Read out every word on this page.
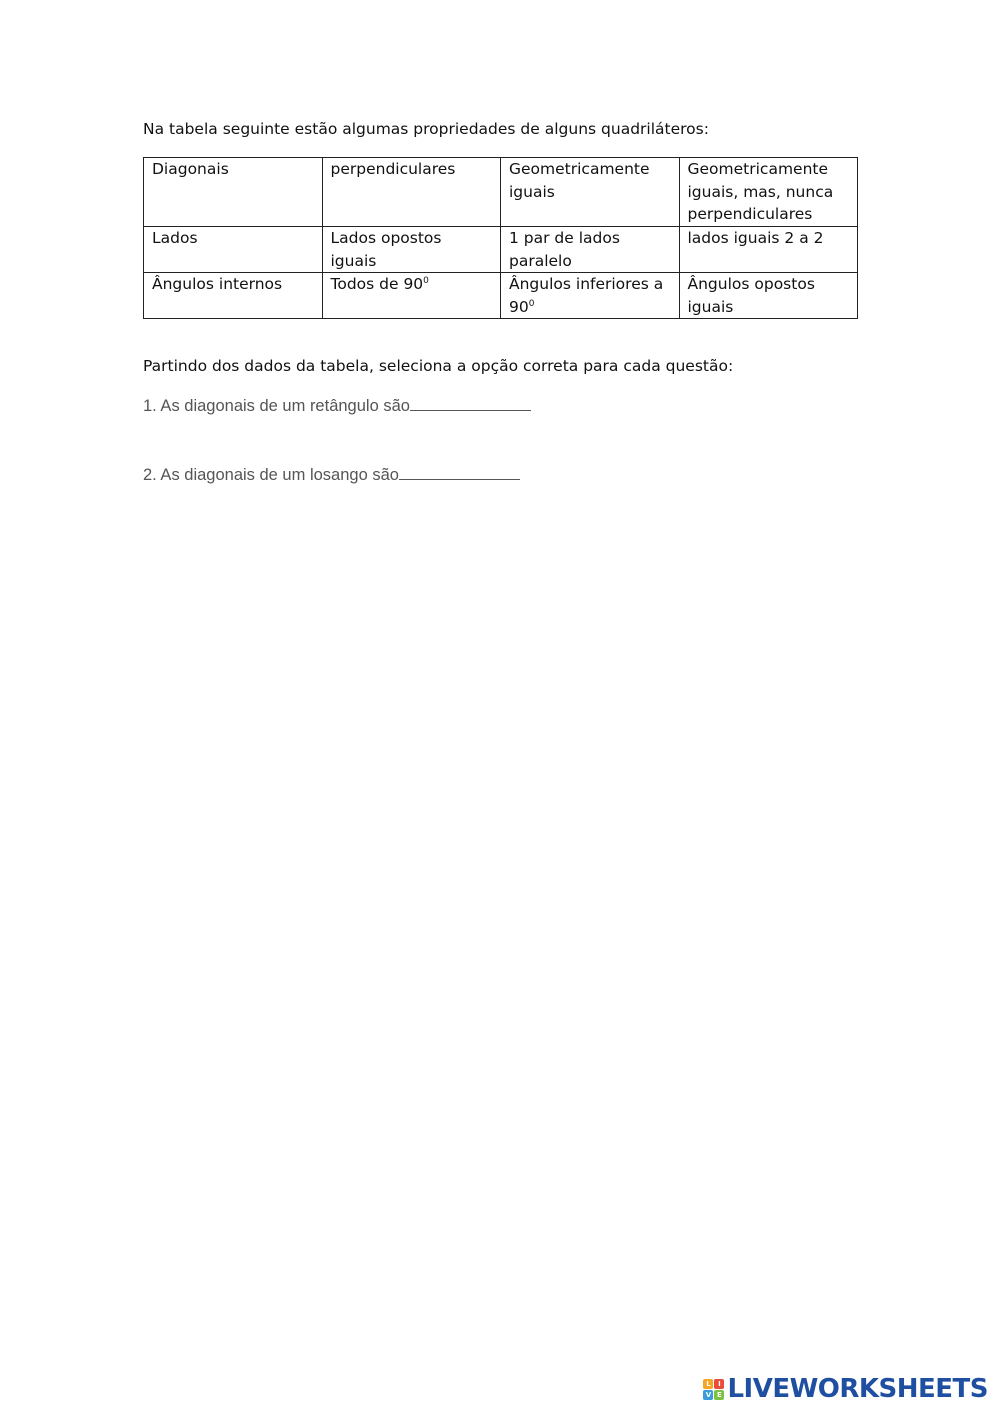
Na tabela seguinte estão algumas propriedades de alguns quadriláteros:

Diagonais	perpendiculares	Geometricamente iguais	Geometricamente iguais, mas, nunca perpendiculares
Lados	Lados opostos iguais	1 par de lados paralelo	lados iguais 2 a 2
Ângulos internos	Todos de $90^0$	Ângulos inferiores a $90^0$	Ângulos opostos iguais

Partindo dos dados da tabela, seleciona a opção correta para cada questão:

1. As diagonais de um retângulo são

2. As diagonais de um losango são

L	I
V E LIVEWORKSHEETS
